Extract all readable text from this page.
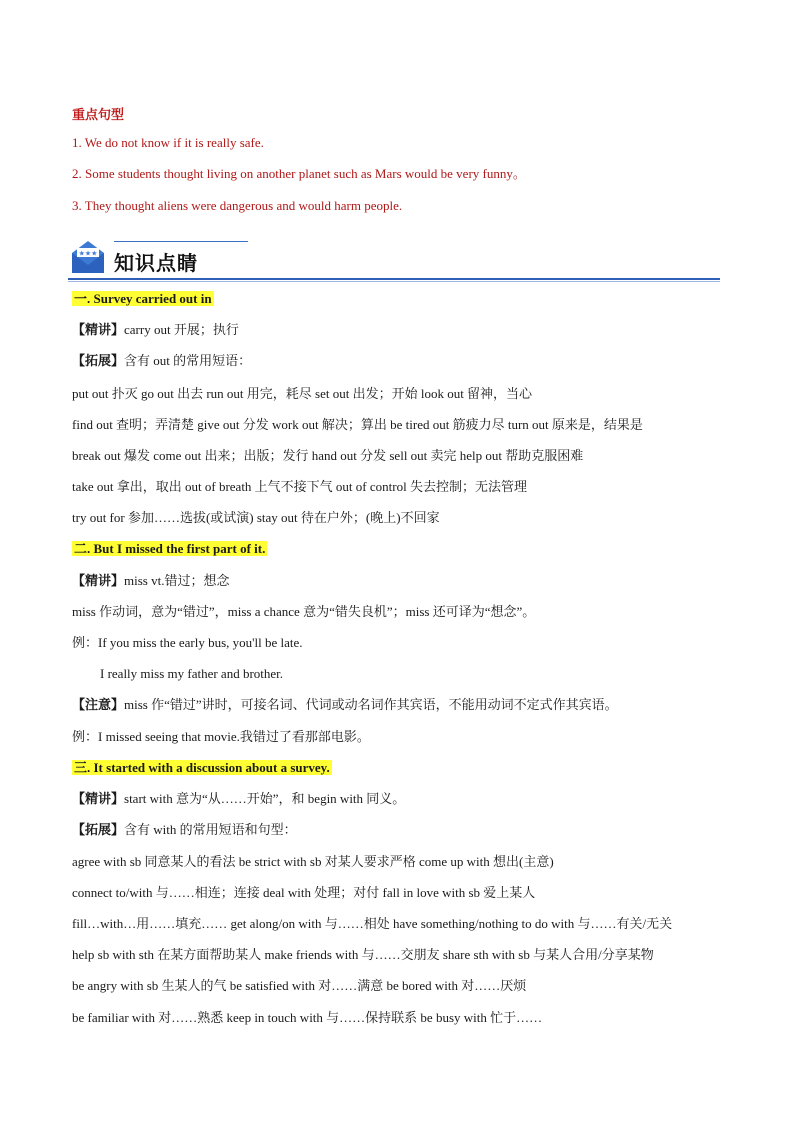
重点句型
1. We do not know if it is really safe.
2. Some students thought living on another planet such as Mars would be very funny。
3. They thought aliens were dangerous and would harm people.
★★★ 知识点睛
一. Survey carried out in
【精讲】carry out 开展；执行
【拓展】含有 out 的常用短语：
put out 扑灭 go out 出去 run out 用完，耗尽 set out 出发；开始 look out 留神，当心
find out 查明；弄清楚 give out 分发 work out 解决；算出 be tired out 筋疲力尽 turn out 原来是，结果是
break out 爆发 come out 出来；出版；发行 hand out 分发 sell out 卖完 help out 帮助克服困难
take out 拿出，取出 out of breath 上气不接下气 out of control 失去控制；无法管理
try out for 参加……选拔(或试演) stay out 待在户外；(晚上)不回家
二. But I missed the first part of it.
【精讲】miss vt.错过；想念
miss 作动词，意为“错过”，miss a chance 意为“错失良机”；miss 还可译为“想念”。
例：If you miss the early bus, you'll be late.
I really miss my father and brother.
【注意】miss 作“错过”讲时，可接名词、代词或动名词作其宾语，不能用动词不定式作其宾语。
例：I missed seeing that movie.我错过了看那部电影。
三. It started with a discussion about a survey.
【精讲】start with 意为“从……开始”，和 begin with 同义。
【拓展】含有 with 的常用短语和句型：
agree with sb 同意某人的看法 be strict with sb 对某人要求严格 come up with 想出(主意)
connect to/with 与……相连；连接 deal with 处理；对付 fall in love with sb 爱上某人
fill…with…用……填充…… get along/on with 与……相处 have something/nothing to do with 与……有关/无关
help sb with sth 在某方面帮助某人 make friends with 与……交朋友 share sth with sb 与某人合用/分享某物
be angry with sb 生某人的气 be satisfied with 对……满意 be bored with 对……厌烦
be familiar with 对……熟悉 keep in touch with 与……保持联系 be busy with 忙于……
